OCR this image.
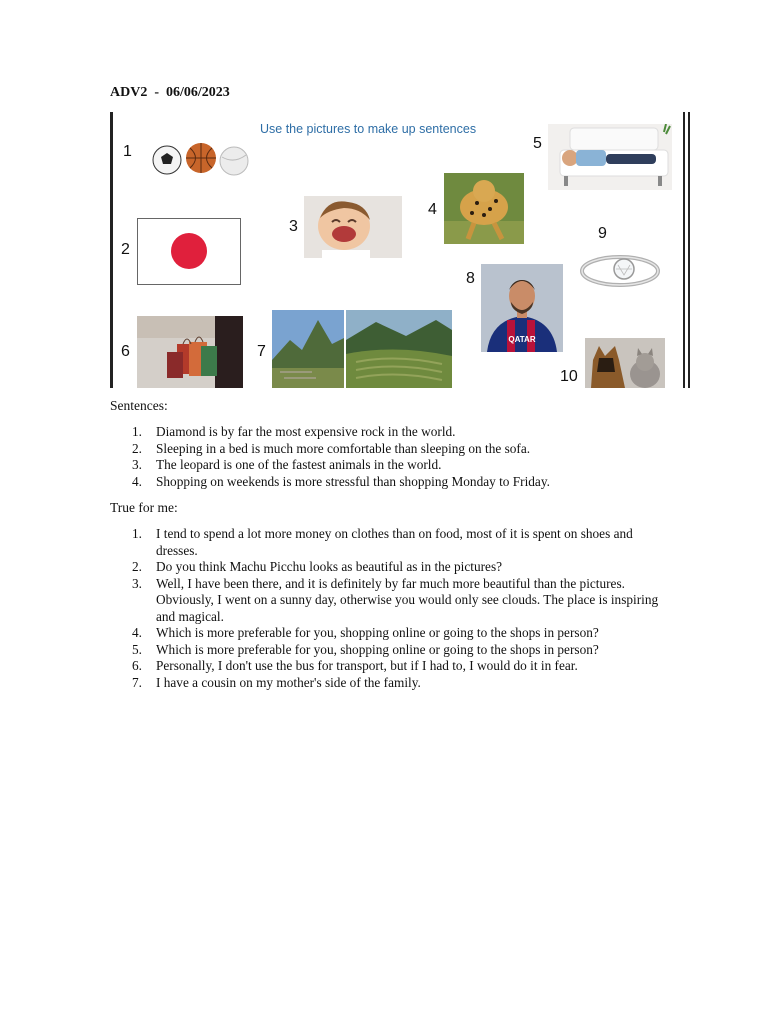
ADV2  -  06/06/2023
Use the pictures to make up sentences
1
2
3
4
5
9
8
QATAR
6	7
10
Sentences:
1. Diamond is by far the most expensive rock in the world.
2. Sleeping in a bed is much more comfortable than sleeping on the sofa.
3. The leopard is one of the fastest animals in the world.
4. Shopping on weekends is more stressful than shopping Monday to Friday.
True for me:
1. I tend to spend a lot more money on clothes than on food, most of it is spent on shoes and dresses.
2. Do you think Machu Picchu looks as beautiful as in the pictures?
3. Well, I have been there, and it is definitely by far much more beautiful than the pictures. Obviously, I went on a sunny day, otherwise you would only see clouds. The place is inspiring and magical.
4. Which is more preferable for you, shopping online or going to the shops in person?
5. Which is more preferable for you, shopping online or going to the shops in person?
6. Personally, I don't use the bus for transport, but if I had to, I would do it in fear.
7. I have a cousin on my mother's side of the family.
